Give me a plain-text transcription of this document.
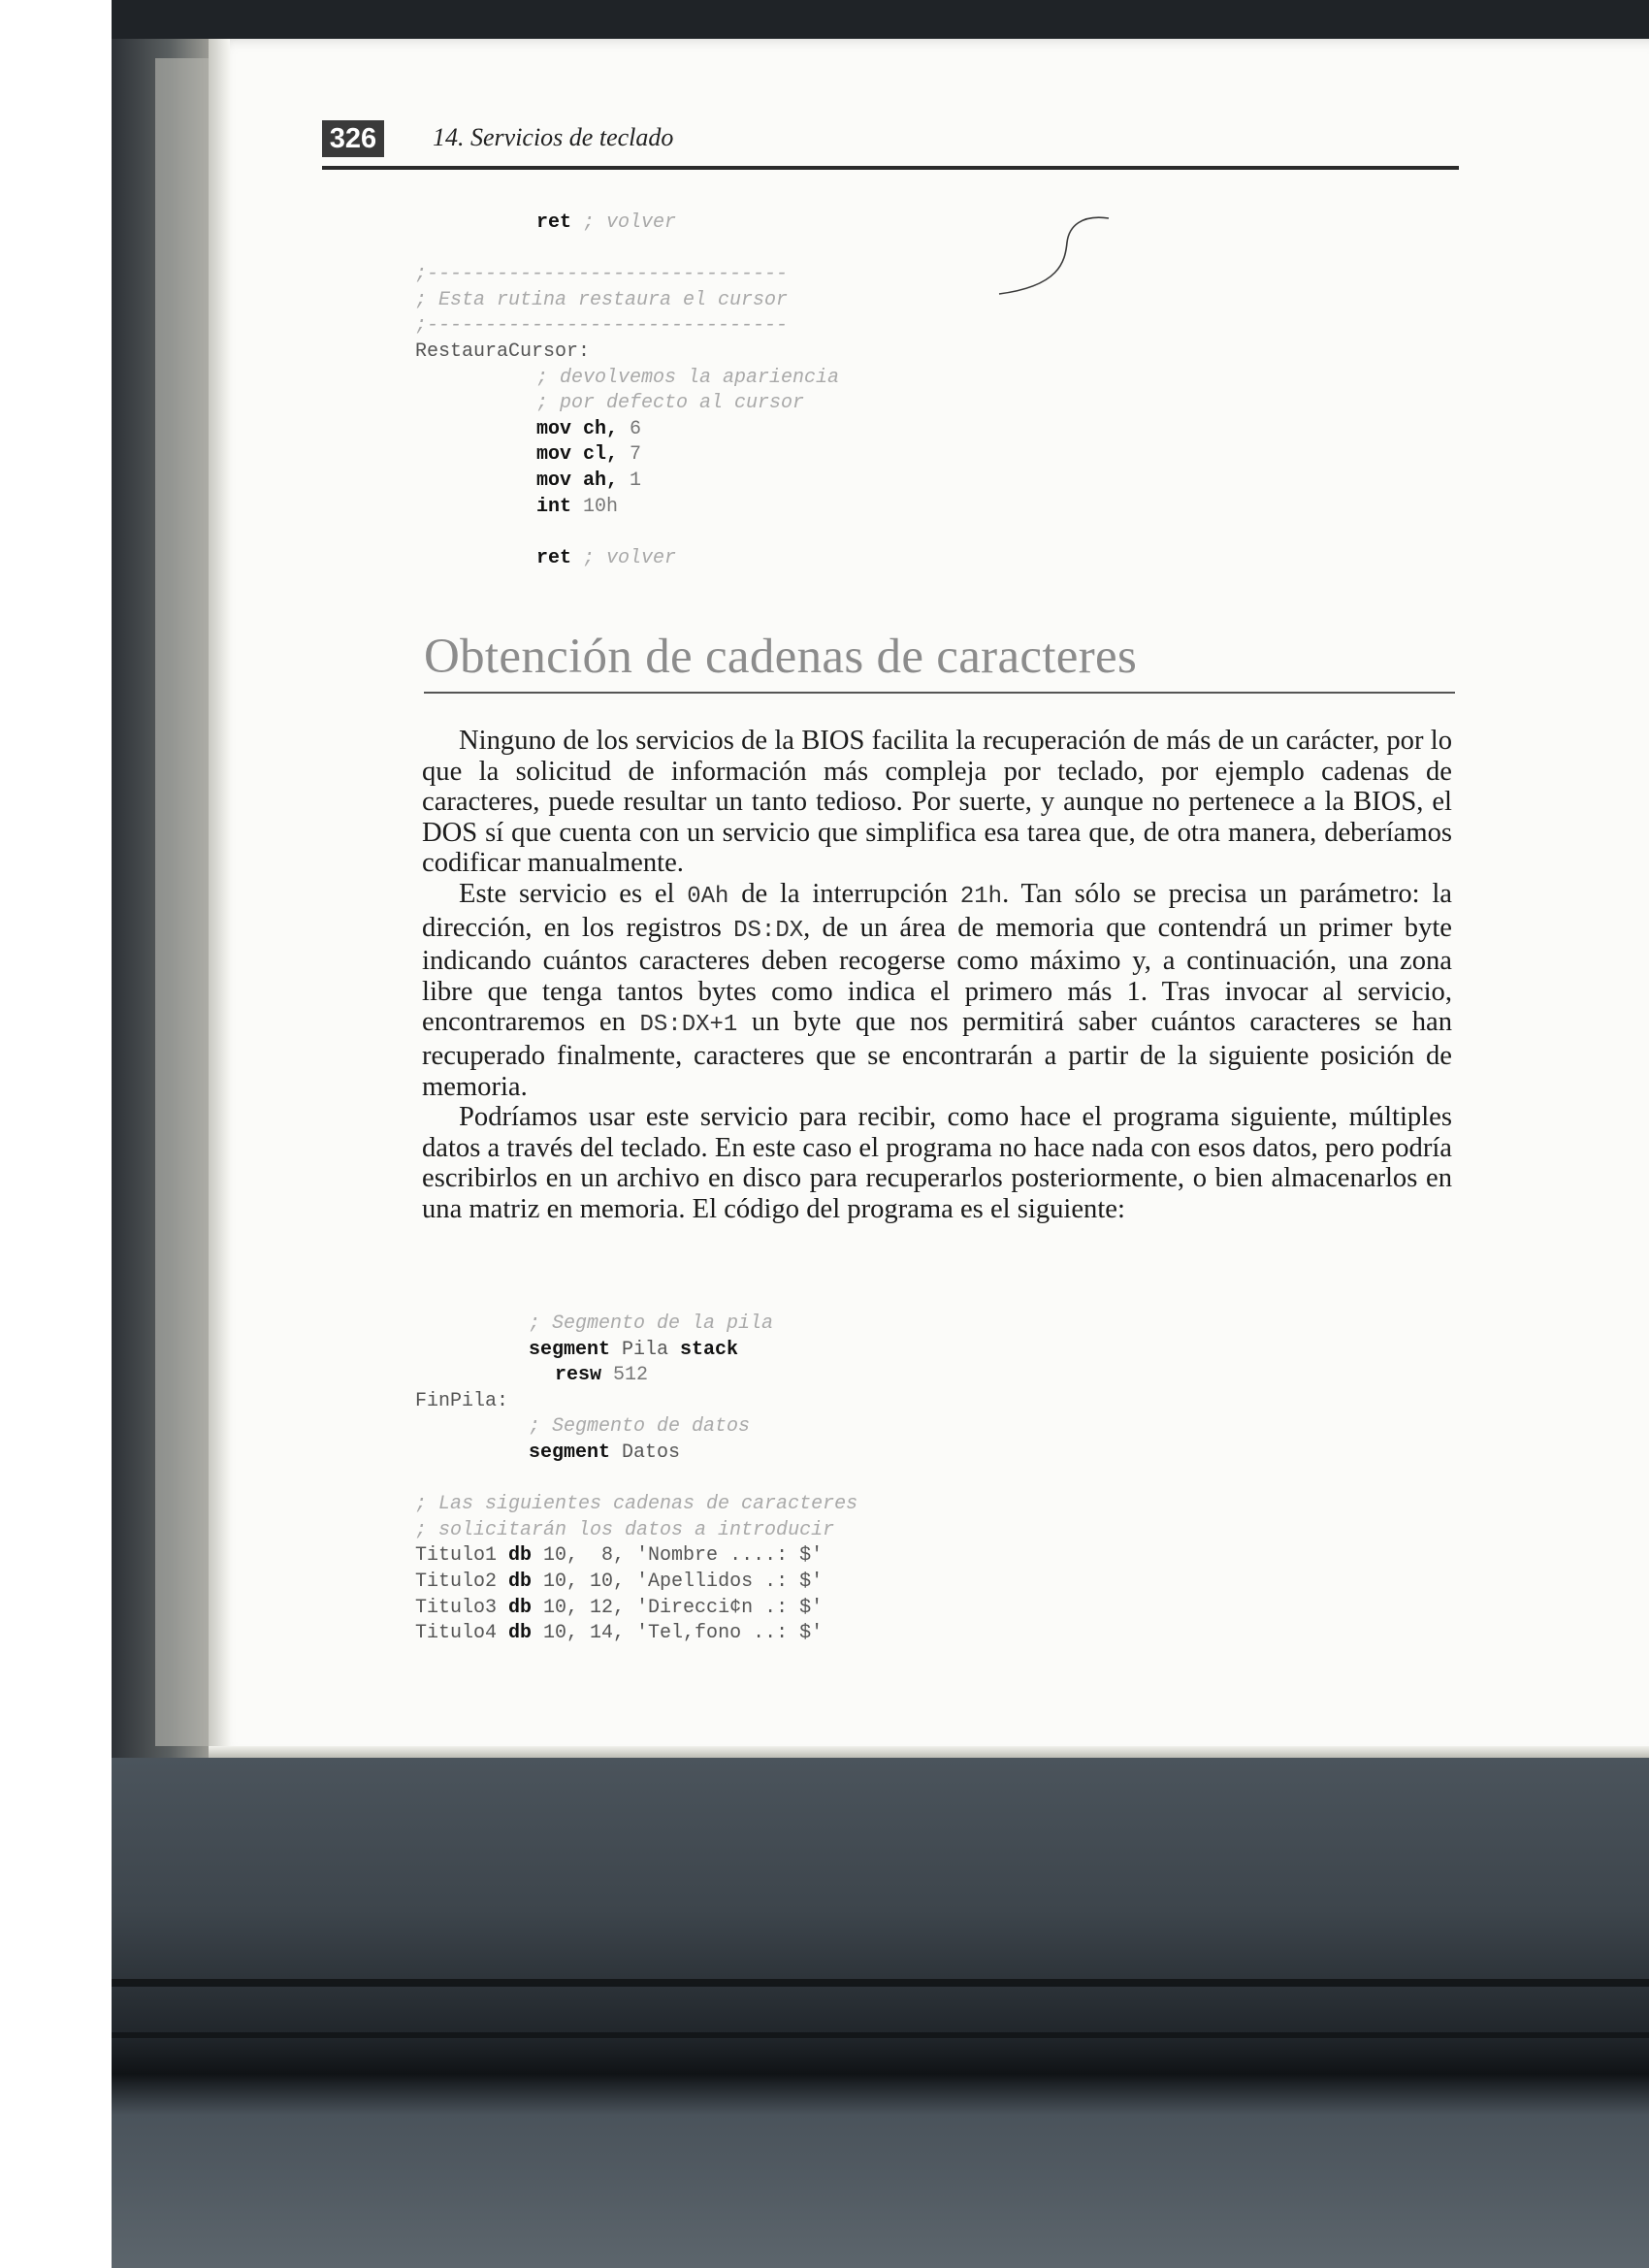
326	14. Servicios de teclado
ret ; volver
;-------------------------------
; Esta rutina restaura el cursor
;-------------------------------
RestauraCursor:
; devolvemos la apariencia
; por defecto al cursor
mov ch, 6
mov cl, 7
mov ah, 1
int 10h
ret ; volver
Obtención de cadenas de caracteres

Ninguno de los servicios de la BIOS facilita la recuperación de más de un carácter, por lo que la solicitud de información más compleja por teclado, por ejemplo cadenas de caracteres, puede resultar un tanto tedioso. Por suerte, y aunque no pertenece a la BIOS, el DOS sí que cuenta con un servicio que simplifica esa tarea que, de otra manera, deberíamos codificar manualmente.

Este servicio es el 0Ah de la interrupción 21h. Tan sólo se precisa un parámetro: la dirección, en los registros DS:DX, de un área de memoria que contendrá un primer byte indicando cuántos caracteres deben recogerse como máximo y, a continuación, una zona libre que tenga tantos bytes como indica el primero más 1. Tras invocar al servicio, encontraremos en DS:DX+1 un byte que nos permitirá saber cuántos caracteres se han recuperado finalmente, caracteres que se encontrarán a partir de la siguiente posición de memoria.

Podríamos usar este servicio para recibir, como hace el programa siguiente, múltiples datos a través del teclado. En este caso el programa no hace nada con esos datos, pero podría escribirlos en un archivo en disco para recuperarlos posteriormente, o bien almacenarlos en una matriz en memoria. El código del programa es el siguiente:

; Segmento de la pila
segment Pila stack
resw 512
FinPila:
; Segmento de datos
segment Datos
; Las siguientes cadenas de caracteres
; solicitarán los datos a introducir
Titulo1 db 10,  8, 'Nombre ....: $'
Titulo2 db 10, 10, 'Apellidos .: $'
Titulo3 db 10, 12, 'Direcci¢n .: $'
Titulo4 db 10, 14, 'Tel,fono ..: $'
